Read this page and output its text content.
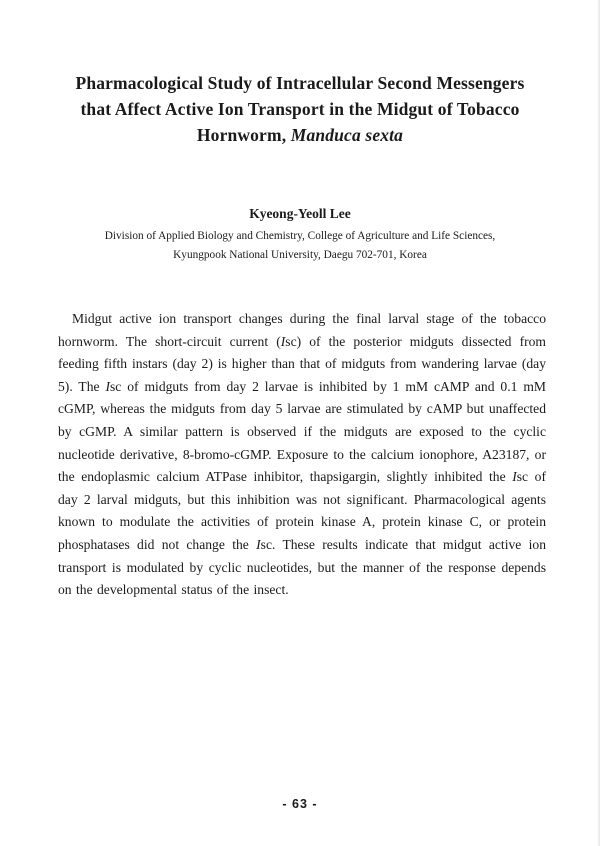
Pharmacological Study of Intracellular Second Messengers
that Affect Active Ion Transport in the Midgut of Tobacco
Hornworm, Manduca sexta
Kyeong-Yeoll Lee
Division of Applied Biology and Chemistry, College of Agriculture and Life Sciences,
Kyungpook National University, Daegu 702-701, Korea
Midgut active ion transport changes during the final larval stage of the tobacco hornworm. The short-circuit current (Isc) of the posterior midguts dissected from feeding fifth instars (day 2) is higher than that of midguts from wandering larvae (day 5). The Isc of midguts from day 2 larvae is inhibited by 1 mM cAMP and 0.1 mM cGMP, whereas the midguts from day 5 larvae are stimulated by cAMP but unaffected by cGMP. A similar pattern is observed if the midguts are exposed to the cyclic nucleotide derivative, 8-bromo-cGMP. Exposure to the calcium ionophore, A23187, or the endoplasmic calcium ATPase inhibitor, thapsigargin, slightly inhibited the Isc of day 2 larval midguts, but this inhibition was not significant. Pharmacological agents known to modulate the activities of protein kinase A, protein kinase C, or protein phosphatases did not change the Isc. These results indicate that midgut active ion transport is modulated by cyclic nucleotides, but the manner of the response depends on the developmental status of the insect.
- 63 -
